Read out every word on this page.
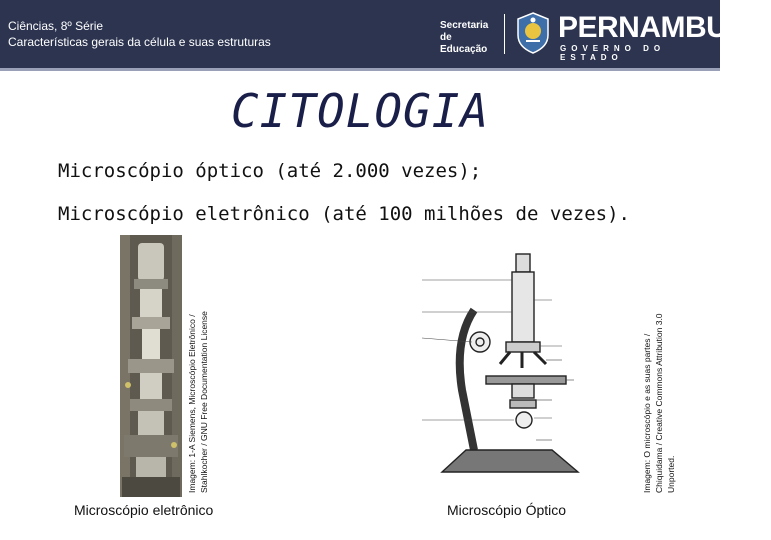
Ciências, 8º Série
Características gerais da célula e suas estruturas
Secretaria de
Educação
PERNAMBUCO
GOVERNO DO ESTADO
CITOLOGIA
Microscópio óptico (até 2.000 vezes);
Microscópio eletrônico (até 100 milhões de vezes).
Imagem: 1-A Siemens, Microscópio Eletrônico / Stahlkocher / GNU Free Documentation License
Microscópio eletrônico
Imagem: O microscópio e as suas partes / Chiquidama / Creative Commons Attribution 3.0 Unported.
Microscópio Óptico
